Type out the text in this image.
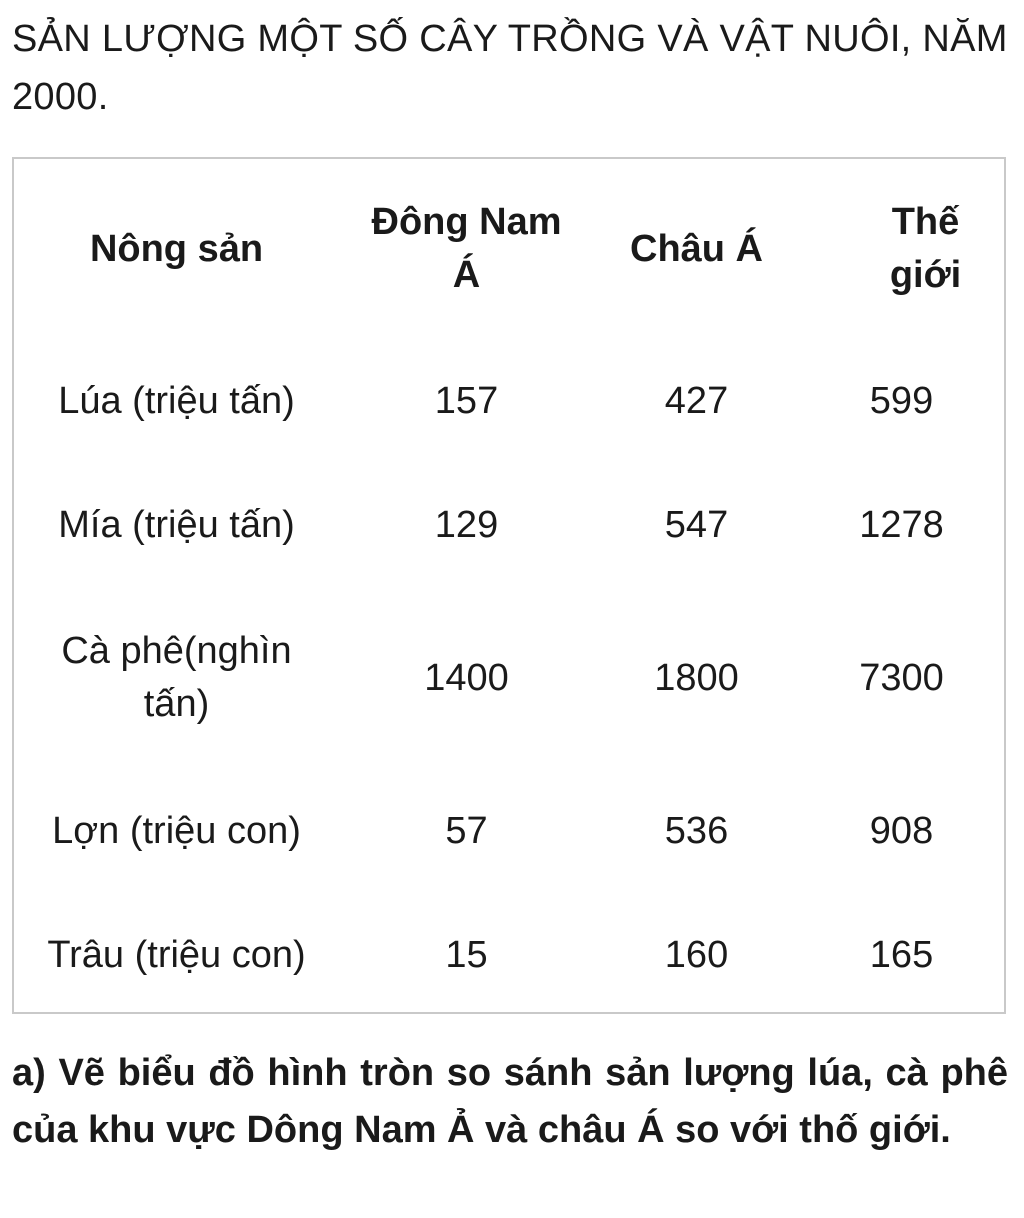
SẢN LƯỢNG MỘT SỐ CÂY TRỒNG VÀ VẬT NUÔI, NĂM 2000.
Nông sản	Đông Nam Á	Châu Á	Thế giới
Lúa (triệu tấn)	157	427	599
Mía (triệu tấn)	129	547	1278
Cà phê(nghìn tấn)	1400	1800	7300
Lợn (triệu con)	57	536	908
Trâu (triệu con)	15	160	165

a) Vẽ biểu đồ hình tròn so sánh sản lượng lúa, cà phê của khu vực Dông Nam Ả và châu Á so với thố giới.
